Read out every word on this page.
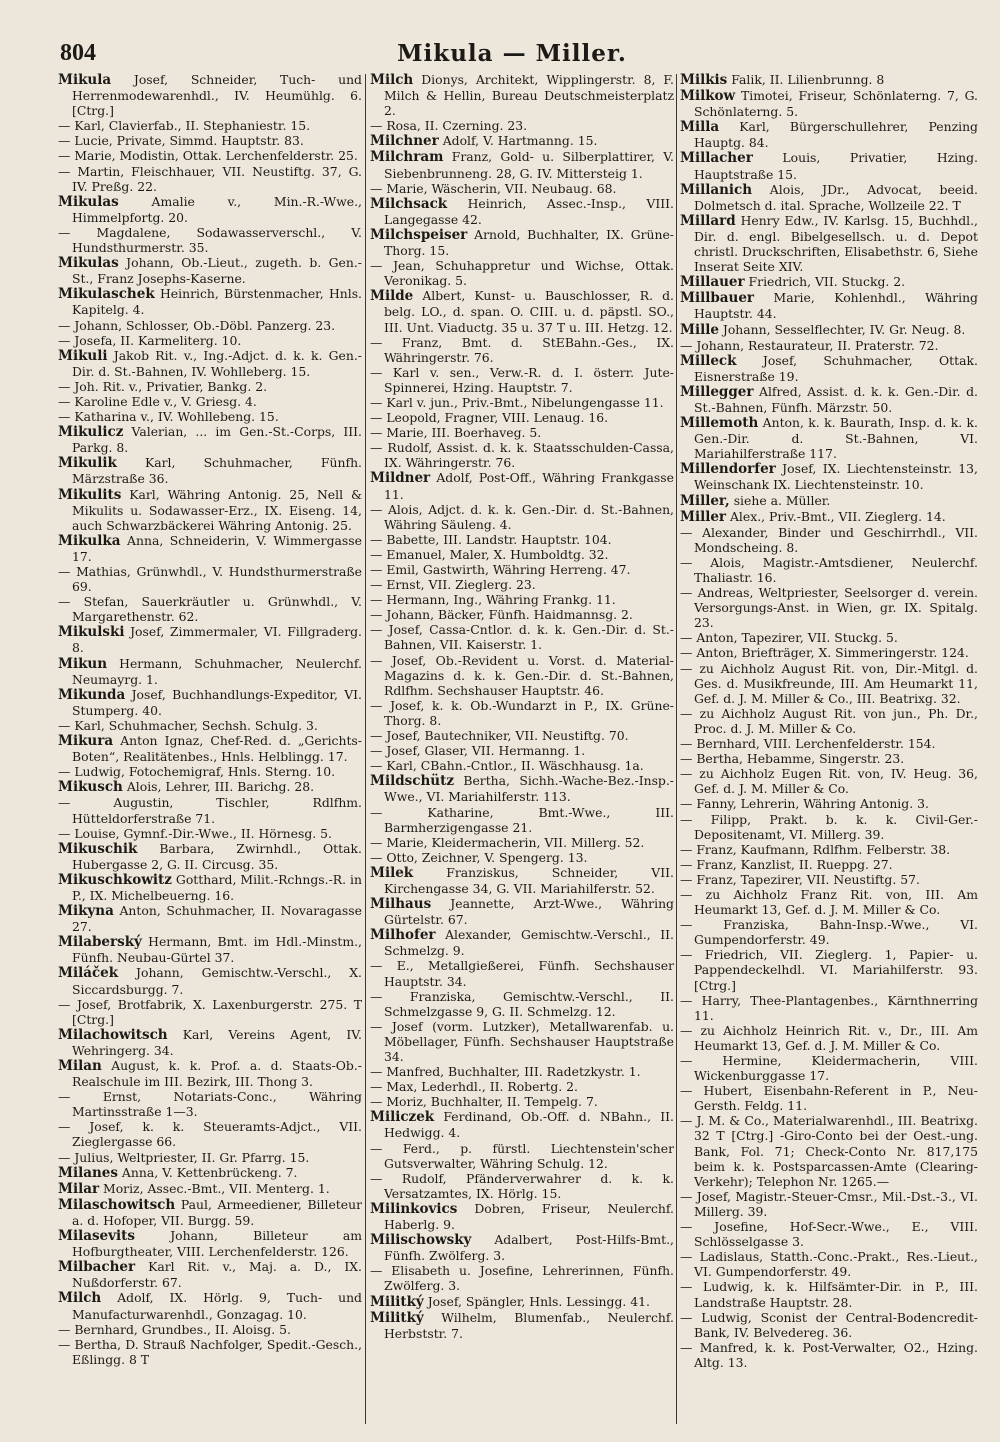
804	Mikula — Miller.

Mikula Josef, Schneider, Tuch- und Herrenmodewarenhdl., IV. Heumühlg. 6. [Ctrg.]

— Karl, Clavierfab., II. Stephaniestr. 15.

— Lucie, Private, Simmd. Hauptstr. 83.

— Marie, Modistin, Ottak. Lerchenfelderstr. 25.

— Martin, Fleischhauer, VII. Neustiftg. 37, G. IV. Preßg. 22.

Mikulas	Amalie v., Min.-R.-Wwe., Himmelpfortg. 20.

— Magdalene, Sodawasserverschl., V. Hundsthurmerstr. 35.

Mikulas Johann, Ob.-Lieut., zugeth. b. Gen.-St., Franz Josephs-Kaserne.

Mikulaschek Heinrich, Bürstenmacher, Hnls. Kapitelg. 4.

— Johann, Schlosser, Ob.-Döbl. Panzerg. 23.

— Josefa, II. Karmeliterg. 10.

Mikuli Jakob Rit. v., Ing.-Adjct. d. k. k. Gen.-Dir. d. St.-Bahnen, IV. Wohlleberg. 15.

— Joh. Rit. v., Privatier, Bankg. 2.

— Karoline Edle v., V. Griesg. 4.

— Katharina v., IV. Wohllebeng. 15.

Mikulicz Valerian, ... im Gen.-St.-Corps, III. Parkg. 8.

Mikulik Karl, Schuhmacher, Fünfh. Märzstraße 36.

Mikulits Karl, Währing Antonig. 25, Nell & Mikulits u. Sodawasser-Erz., IX. Eiseng. 14, auch Schwarzbäckerei Währing Antonig. 25.

Mikulka Anna, Schneiderin, V. Wimmergasse 17.

— Mathias, Grünwhdl., V. Hundsthurmerstraße 69.

— Stefan, Sauerkräutler u. Grünwhdl., V. Margarethenstr. 62.

Mikulski Josef, Zimmermaler, VI. Fillgraderg. 8.

Mikun Hermann, Schuhmacher, Neulerchf. Neumayrg. 1.

Mikunda Josef, Buchhandlungs-Expeditor, VI. Stumperg. 40.

— Karl, Schuhmacher, Sechsh. Schulg. 3.

Mikura Anton Ignaz, Chef-Red. d. „Gerichts-Boten“, Realitätenbes., Hnls. Helblingg. 17.

— Ludwig, Fotochemigraf, Hnls. Sterng. 10.

Mikusch Alois, Lehrer, III. Barichg. 28.

— Augustin, Tischler, Rdlfhm. Hütteldorferstraße 71.

— Louise, Gymnf.-Dir.-Wwe., II. Hörnesg. 5.

Mikuschik Barbara, Zwirnhdl., Ottak. Hubergasse 2, G. II. Circusg. 35.

Mikuschkowitz Gotthard, Milit.-Rchngs.-R. in P., IX. Michelbeuerng. 16.

Mikyna Anton, Schuhmacher, II. Novaragasse 27.

Milaberský Hermann, Bmt. im Hdl.-Minstm., Fünfh. Neubau-Gürtel 37.

Miláček Johann, Gemischtw.-Verschl., X. Siccardsburgg. 7.

— Josef, Brotfabrik, X. Laxenburgerstr. 275. T [Ctrg.]

Milachowitsch Karl, Vereins Agent, IV. Wehringerg. 34.

Milan August, k. k. Prof. a. d. Staats-Ob.-Realschule im III. Bezirk, III. Thong 3.

— Ernst, Notariats-Conc., Währing Martinsstraße 1—3.

— Josef, k. k. Steueramts-Adjct., VII. Zieglergasse 66.

— Julius, Weltpriester, II. Gr. Pfarrg. 15.

Milanes Anna, V. Kettenbrückeng. 7.

Milar Moriz, Assec.-Bmt., VII. Menterg. 1.

Milaschowitsch Paul, Armeediener, Billeteur a. d. Hofoper, VII. Burgg. 59.

Milasevits	Johann, Billeteur am Hofburgtheater, VIII. Lerchenfelderstr. 126.

Milbacher Karl Rit. v., Maj. a. D., IX. Nußdorferstr. 67.

Milch Adolf, IX. Hörlg. 9, Tuch- und Manufacturwarenhdl., Gonzagag. 10.

— Bernhard, Grundbes., II. Aloisg. 5.

— Bertha, D. Strauß Nachfolger, Spedit.-Gesch., Eßlingg. 8 T

Milch Dionys, Architekt, Wipplingerstr. 8, F. Milch & Hellin, Bureau Deutschmeisterplatz 2.

— Rosa, II. Czerning. 23.

Milchner Adolf, V. Hartmanng. 15.

Milchram Franz, Gold- u. Silberplattirer, V. Siebenbrunneng. 28, G. IV. Mittersteig 1.

— Marie, Wäscherin, VII. Neubaug. 68.

Milchsack Heinrich, Assec.-Insp., VIII. Langegasse 42.

Milchspeiser Arnold, Buchhalter, IX. Grüne-Thorg. 15.

— Jean, Schuhappretur und Wichse, Ottak. Veronikag. 5.

Milde Albert, Kunst- u. Bauschlosser, R. d. belg. LO., d. span. O. CIII. u. d. päpstl. SO., III. Unt. Viaductg. 35 u. 37 T u. III. Hetzg. 12.

— Franz, Bmt. d. StEBahn.-Ges., IX. Währingerstr. 76.

— Karl v. sen., Verw.-R. d. I. österr. Jute-Spinnerei, Hzing. Hauptstr. 7.

— Karl v. jun., Priv.-Bmt., Nibelungengasse 11.

— Leopold, Fragner, VIII. Lenaug. 16.

— Marie, III. Boerhaveg. 5.

— Rudolf, Assist. d. k. k. Staatsschulden-Cassa, IX. Währingerstr. 76.

Mildner Adolf, Post-Off., Währing Frankgasse 11.

— Alois, Adjct. d. k. k. Gen.-Dir. d. St.-Bahnen, Währing Säuleng. 4.

— Babette, III. Landstr. Hauptstr. 104.

— Emanuel, Maler, X. Humboldtg. 32.

— Emil, Gastwirth, Währing Herreng. 47.

— Ernst, VII. Zieglerg. 23.

— Hermann, Ing., Währing Frankg. 11.

— Johann, Bäcker, Fünfh. Haidmannsg. 2.

— Josef, Cassa-Cntlor. d. k. k. Gen.-Dir. d. St.-Bahnen, VII. Kaiserstr. 1.

— Josef, Ob.-Revident u. Vorst. d. Material-Magazins d. k. k. Gen.-Dir. d. St.-Bahnen, Rdlfhm. Sechshauser Hauptstr. 46.

— Josef, k. k. Ob.-Wundarzt in P., IX. Grüne-Thorg. 8.

— Josef, Bautechniker, VII. Neustiftg. 70.

— Josef, Glaser, VII. Hermanng. 1.

— Karl, CBahn.-Cntlor., II. Wäschhausg. 1a.

Mildschütz Bertha, Sichh.-Wache-Bez.-Insp.-Wwe., VI. Mariahilferstr. 113.

— Katharine, Bmt.-Wwe., III. Barmherzigengasse 21.

— Marie, Kleidermacherin, VII. Millerg. 52.

— Otto, Zeichner, V. Spengerg. 13.

Milek	Franziskus, Schneider, VII. Kirchengasse 34, G. VII. Mariahilferstr. 52.

Milhaus Jeannette, Arzt-Wwe., Währing Gürtelstr. 67.

Milhofer Alexander, Gemischtw.-Verschl., II. Schmelzg. 9.

— E., Metallgießerei, Fünfh. Sechshauser Hauptstr. 34.

— Franziska, Gemischtw.-Verschl., II. Schmelzgasse 9, G. II. Schmelzg. 12.

— Josef (vorm. Lutzker), Metallwarenfab. u. Möbellager, Fünfh. Sechshauser Hauptstraße 34.

— Manfred, Buchhalter, III. Radetzkystr. 1.

— Max, Lederhdl., II. Robertg. 2.

— Moriz, Buchhalter, II. Tempelg. 7.

Miliczek Ferdinand, Ob.-Off. d. NBahn., II. Hedwigg. 4.

— Ferd., p. fürstl. Liechtenstein'scher Gutsverwalter, Währing Schulg. 12.

— Rudolf, Pfänderverwahrer d. k. k. Versatzamtes, IX. Hörlg. 15.

Milinkovics Dobren, Friseur, Neulerchf. Haberlg. 9.

Milischowsky Adalbert, Post-Hilfs-Bmt., Fünfh. Zwölferg. 3.

— Elisabeth u. Josefine, Lehrerinnen, Fünfh. Zwölferg. 3.

Militký Josef, Spängler, Hnls. Lessingg. 41.

Militký Wilhelm, Blumenfab., Neulerchf. Herbststr. 7.

Milkis Falik, II. Lilienbrunng. 8

Milkow Timotei, Friseur, Schönlaterng. 7, G. Schönlaterng. 5.

Milla Karl, Bürgerschullehrer, Penzing Hauptg. 84.

Millacher Louis, Privatier, Hzing. Hauptstraße 15.

Millanich Alois, JDr., Advocat, beeid. Dolmetsch d. ital. Sprache, Wollzeile 22. T

Millard Henry Edw., IV. Karlsg. 15, Buchhdl., Dir. d. engl. Bibelgesellsch. u. d. Depot christl. Druckschriften, Elisabethstr. 6, Siehe Inserat Seite XIV.

Millauer Friedrich, VII. Stuckg. 2.

Millbauer Marie, Kohlenhdl., Währing Hauptstr. 44.

Mille Johann, Sesselflechter, IV. Gr. Neug. 8.

— Johann, Restaurateur, II. Praterstr. 72.

Milleck Josef, Schuhmacher, Ottak. Eisnerstraße 19.

Millegger Alfred, Assist. d. k. k. Gen.-Dir. d. St.-Bahnen, Fünfh. Märzstr. 50.

Millemoth Anton, k. k. Baurath, Insp. d. k. k. Gen.-Dir. d. St.-Bahnen, VI. Mariahilferstraße 117.

Millendorfer Josef, IX. Liechtensteinstr. 13, Weinschank IX. Liechtensteinstr. 10.

Miller, siehe a. Müller.

Miller Alex., Priv.-Bmt., VII. Zieglerg. 14.

— Alexander, Binder und Geschirrhdl., VII. Mondscheing. 8.

— Alois, Magistr.-Amtsdiener, Neulerchf. Thaliastr. 16.

— Andreas, Weltpriester, Seelsorger d. verein. Versorgungs-Anst. in Wien, gr. IX. Spitalg. 23.

— Anton, Tapezirer, VII. Stuckg. 5.

— Anton, Briefträger, X. Simmeringerstr. 124.

— zu Aichholz August Rit. von, Dir.-Mitgl. d. Ges. d. Musikfreunde, III. Am Heumarkt 11, Gef. d. J. M. Miller & Co., III. Beatrixg. 32.

— zu Aichholz August Rit. von jun., Ph. Dr., Proc. d. J. M. Miller & Co.

— Bernhard, VIII. Lerchenfelderstr. 154.

— Bertha, Hebamme, Singerstr. 23.

— zu Aichholz Eugen Rit. von, IV. Heug. 36, Gef. d. J. M. Miller & Co.

— Fanny, Lehrerin, Währing Antonig. 3.

— Filipp, Prakt. b. k. k. Civil-Ger.-Depositenamt, VI. Millerg. 39.

— Franz, Kaufmann, Rdlfhm. Felberstr. 38.

— Franz, Kanzlist, II. Rueppg. 27.

— Franz, Tapezirer, VII. Neustiftg. 57.

— zu Aichholz Franz Rit. von, III. Am Heumarkt 13, Gef. d. J. M. Miller & Co.

— Franziska, Bahn-Insp.-Wwe., VI. Gumpendorferstr. 49.

— Friedrich, VII. Zieglerg. 1, Papier- u. Pappendeckelhdl. VI. Mariahilferstr. 93. [Ctrg.]

— Harry, Thee-Plantagenbes., Kärnthnerring 11.

— zu Aichholz Heinrich Rit. v., Dr., III. Am Heumarkt 13, Gef. d. J. M. Miller & Co.

— Hermine, Kleidermacherin, VIII. Wickenburggasse 17.

— Hubert, Eisenbahn-Referent in P., Neu-Gersth. Feldg. 11.

— J. M. & Co., Materialwarenhdl., III. Beatrixg. 32 T [Ctrg.] -Giro-Conto bei der Oest.-ung. Bank, Fol. 71; Check-Conto Nr. 817,175 beim k. k. Postsparcassen-Amte (Clearing-Verkehr); Telephon Nr. 1265.—

— Josef, Magistr.-Steuer-Cmsr., Mil.-Dst.-3., VI. Millerg. 39.

— Josefine, Hof-Secr.-Wwe., E., VIII. Schlösselgasse 3.

— Ladislaus, Statth.-Conc.-Prakt., Res.-Lieut., VI. Gumpendorferstr. 49.

— Ludwig, k. k. Hilfsämter-Dir. in P., III. Landstraße Hauptstr. 28.

— Ludwig, Sconist der Central-Bodencredit-Bank, IV. Belvedereg. 36.

— Manfred, k. k. Post-Verwalter, O2., Hzing. Altg. 13.
